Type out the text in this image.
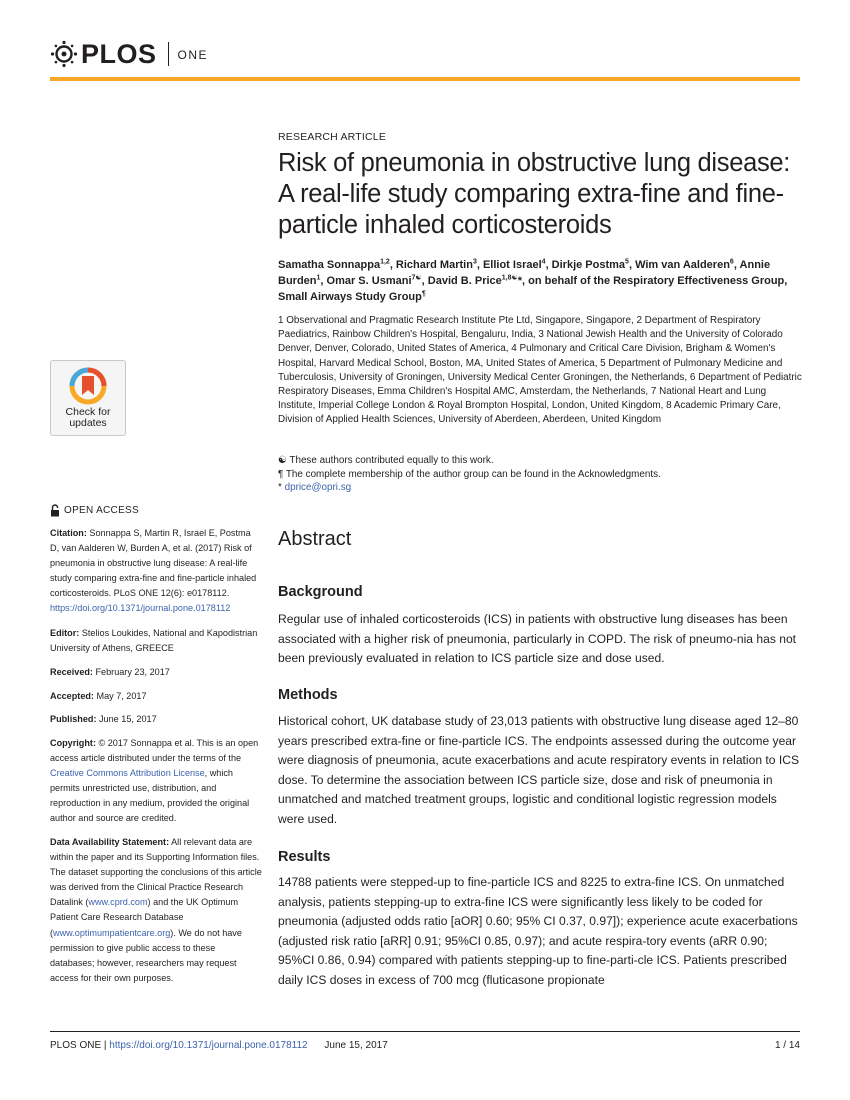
PLOS ONE
RESEARCH ARTICLE
Risk of pneumonia in obstructive lung disease: A real-life study comparing extra-fine and fine-particle inhaled corticosteroids
Samatha Sonnappa$^{1,2}$, Richard Martin$^3$, Elliot Israel$^4$, Dirkje Postma$^5$, Wim van Aalderen$^6$, Annie Burden$^1$, Omar S. Usmani$^{7☯}$, David B. Price$^{1,8☯}$*, on behalf of the Respiratory Effectiveness Group, Small Airways Study Group¶
1 Observational and Pragmatic Research Institute Pte Ltd, Singapore, Singapore, 2 Department of Respiratory Paediatrics, Rainbow Children's Hospital, Bengaluru, India, 3 National Jewish Health and the University of Colorado Denver, Denver, Colorado, United States of America, 4 Pulmonary and Critical Care Division, Brigham & Women's Hospital, Harvard Medical School, Boston, MA, United States of America, 5 Department of Pulmonary Medicine and Tuberculosis, University of Groningen, University Medical Center Groningen, the Netherlands, 6 Department of Pediatric Respiratory Diseases, Emma Children's Hospital AMC, Amsterdam, the Netherlands, 7 National Heart and Lung Institute, Imperial College London & Royal Brompton Hospital, London, United Kingdom, 8 Academic Primary Care, Division of Applied Health Sciences, University of Aberdeen, Aberdeen, United Kingdom
☯ These authors contributed equally to this work.
¶ The complete membership of the author group can be found in the Acknowledgments.
* dprice@opri.sg
Abstract
Background

Regular use of inhaled corticosteroids (ICS) in patients with obstructive lung diseases has been associated with a higher risk of pneumonia, particularly in COPD. The risk of pneumo-nia has not been previously evaluated in relation to ICS particle size and dose used.

Methods

Historical cohort, UK database study of 23,013 patients with obstructive lung disease aged 12–80 years prescribed extra-fine or fine-particle ICS. The endpoints assessed during the outcome year were diagnosis of pneumonia, acute exacerbations and acute respiratory events in relation to ICS dose. To determine the association between ICS particle size, dose and risk of pneumonia in unmatched and matched treatment groups, logistic and conditional logistic regression models were used.

Results

14788 patients were stepped-up to fine-particle ICS and 8225 to extra-fine ICS. On unmatched analysis, patients stepping-up to extra-fine ICS were significantly less likely to be coded for pneumonia (adjusted odds ratio [aOR] 0.60; 95% CI 0.37, 0.97]); experience acute exacerbations (adjusted risk ratio [aRR] 0.91; 95%CI 0.85, 0.97); and acute respira-tory events (aRR 0.90; 95%CI 0.86, 0.94) compared with patients stepping-up to fine-parti-cle ICS. Patients prescribed daily ICS doses in excess of 700 mcg (fluticasone propionate

Check for
updates
OPEN ACCESS
Citation: Sonnappa S, Martin R, Israel E, Postma D, van Aalderen W, Burden A, et al. (2017) Risk of pneumonia in obstructive lung disease: A real-life study comparing extra-fine and fine-particle inhaled corticosteroids. PLoS ONE 12(6): e0178112. https://doi.org/10.1371/journal.pone.0178112
Editor: Stelios Loukides, National and Kapodistrian University of Athens, GREECE
Received: February 23, 2017
Accepted: May 7, 2017
Published: June 15, 2017
Copyright: © 2017 Sonnappa et al. This is an open access article distributed under the terms of the Creative Commons Attribution License, which permits unrestricted use, distribution, and reproduction in any medium, provided the original author and source are credited.
Data Availability Statement: All relevant data are within the paper and its Supporting Information files. The dataset supporting the conclusions of this article was derived from the Clinical Practice Research Datalink (www.cprd.com) and the UK Optimum Patient Care Research Database (www.optimumpatientcare.org). We do not have permission to give public access to these databases; however, researchers may request access for their own purposes.
PLOS ONE | https://doi.org/10.1371/journal.pone.0178112 June 15, 2017	1 / 14
